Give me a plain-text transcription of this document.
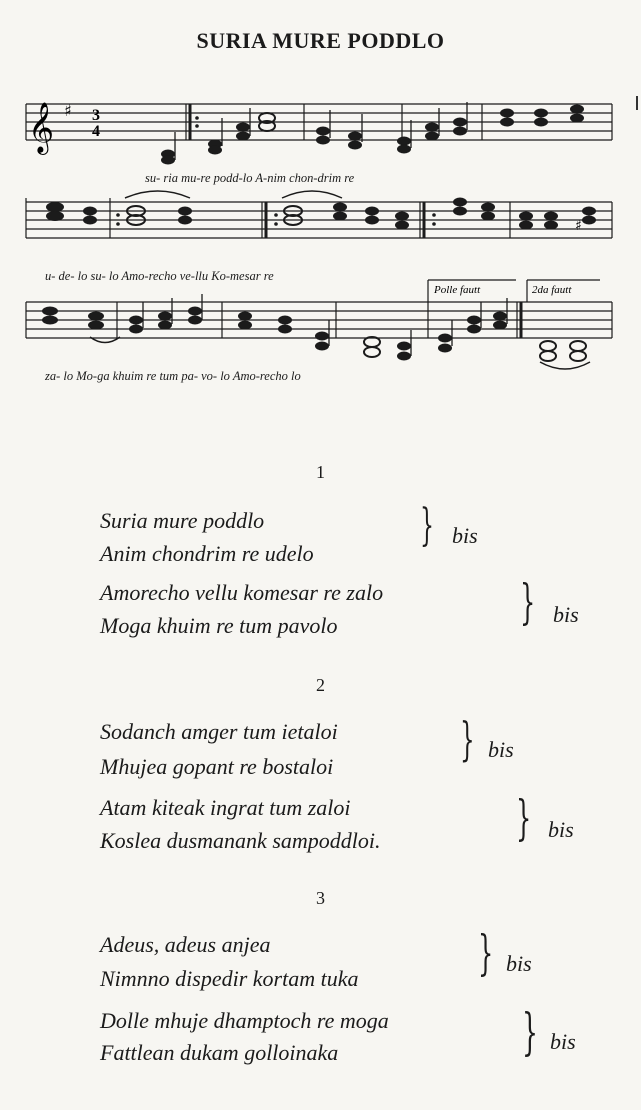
SURIA MURE PODDLO
𝄞 ♯ 3
4
su- ria mu-re podd-lo A-nim chon-drim re
♯
u- de- lo su- lo Amo-recho ve-llu Ko-mesar re
Polle fautt	2da fautt
za- lo Mo-ga khuim re tum pa- vo- lo Amo-recho lo
1
Suria mure poddlo
Anim chondrim re udelo
} bis
Amorecho vellu komesar re zalo
Moga khuim re tum pavolo	} bis
2
Sodanch amger tum ietaloi
Mhujea gopant re bostaloi
} bis
Atam kiteak ingrat tum zaloi
Koslea dusmanank sampoddloi.	} bis
3
Adeus, adeus anjea
Nimnno dispedir kortam tuka } bis
Dolle mhuje dhamptoch re moga
Fattlean dukam golloinaka	} bis
